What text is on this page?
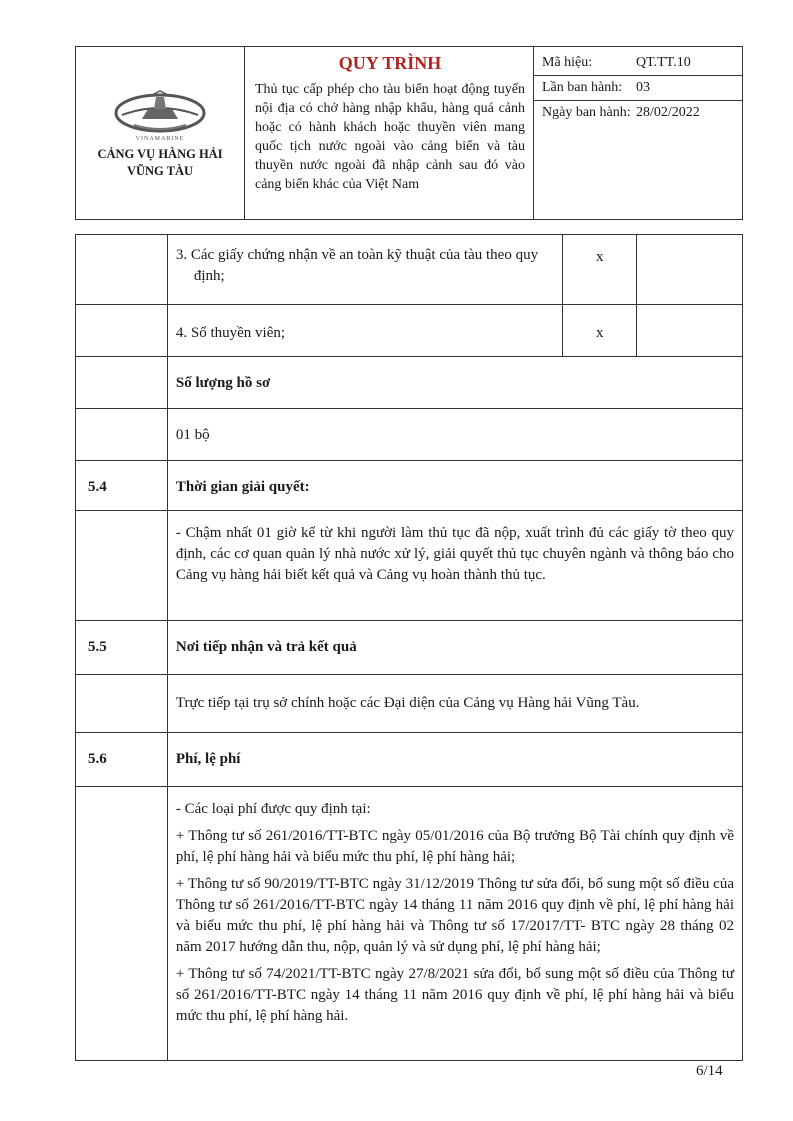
VINAMARINE
CẢNG VỤ HÀNG HẢI
VŨNG TÀU

QUY TRÌNH
Thủ tục cấp phép cho tàu biển hoạt động tuyến nội địa có chở hàng nhập khẩu, hàng quá cảnh hoặc có hành khách hoặc thuyền viên mang quốc tịch nước ngoài vào cảng biển và tàu thuyền nước ngoài đã nhập cảnh sau đó vào cảng biển khác của Việt Nam

Mã hiệu:	QT.TT.10
Lần ban hành: 03
Ngày ban hành: 28/02/2022
	3. Các giấy chứng nhận về an toàn kỹ thuật của tàu theo quy định;	x	
	4. Sổ thuyền viên;	x	
	Số lượng hồ sơ		
	01 bộ		
5.4	Thời gian giải quyết:		
	- Chậm nhất 01 giờ kể từ khi người làm thủ tục đã nộp, xuất trình đủ các giấy tờ theo quy định, các cơ quan quản lý nhà nước xử lý, giải quyết thủ tục chuyên ngành và thông báo cho Cảng vụ hàng hải biết kết quả và Cảng vụ hoàn thành thủ tục.		
5.5	Nơi tiếp nhận và trả kết quả		
	Trực tiếp tại trụ sở chính hoặc các Đại diện của Cảng vụ Hàng hải Vũng Tàu.		
5.6	Phí, lệ phí		

	- Các loại phí được quy định tại:

+ Thông tư số 261/2016/TT-BTC ngày 05/01/2016 của Bộ trưởng Bộ Tài chính quy định về phí, lệ phí hàng hải và biểu mức thu phí, lệ phí hàng hải;

+ Thông tư số 90/2019/TT-BTC ngày 31/12/2019 Thông tư sửa đổi, bổ sung một số điều của Thông tư số 261/2016/TT-BTC ngày 14 tháng 11 năm 2016 quy định về phí, lệ phí hàng hải và biểu mức thu phí, lệ phí hàng hải và Thông tư số 17/2017/TT- BTC ngày 28 tháng 02 năm 2017 hướng dẫn thu, nộp, quản lý và sử dụng phí, lệ phí hàng hải;

+ Thông tư số 74/2021/TT-BTC ngày 27/8/2021 sửa đổi, bổ sung một số điều của Thông tư số 261/2016/TT-BTC ngày 14 tháng 11 năm 2016 quy định về phí, lệ phí hàng hải và biểu mức thu phí, lệ phí hàng hải.		

6/14
